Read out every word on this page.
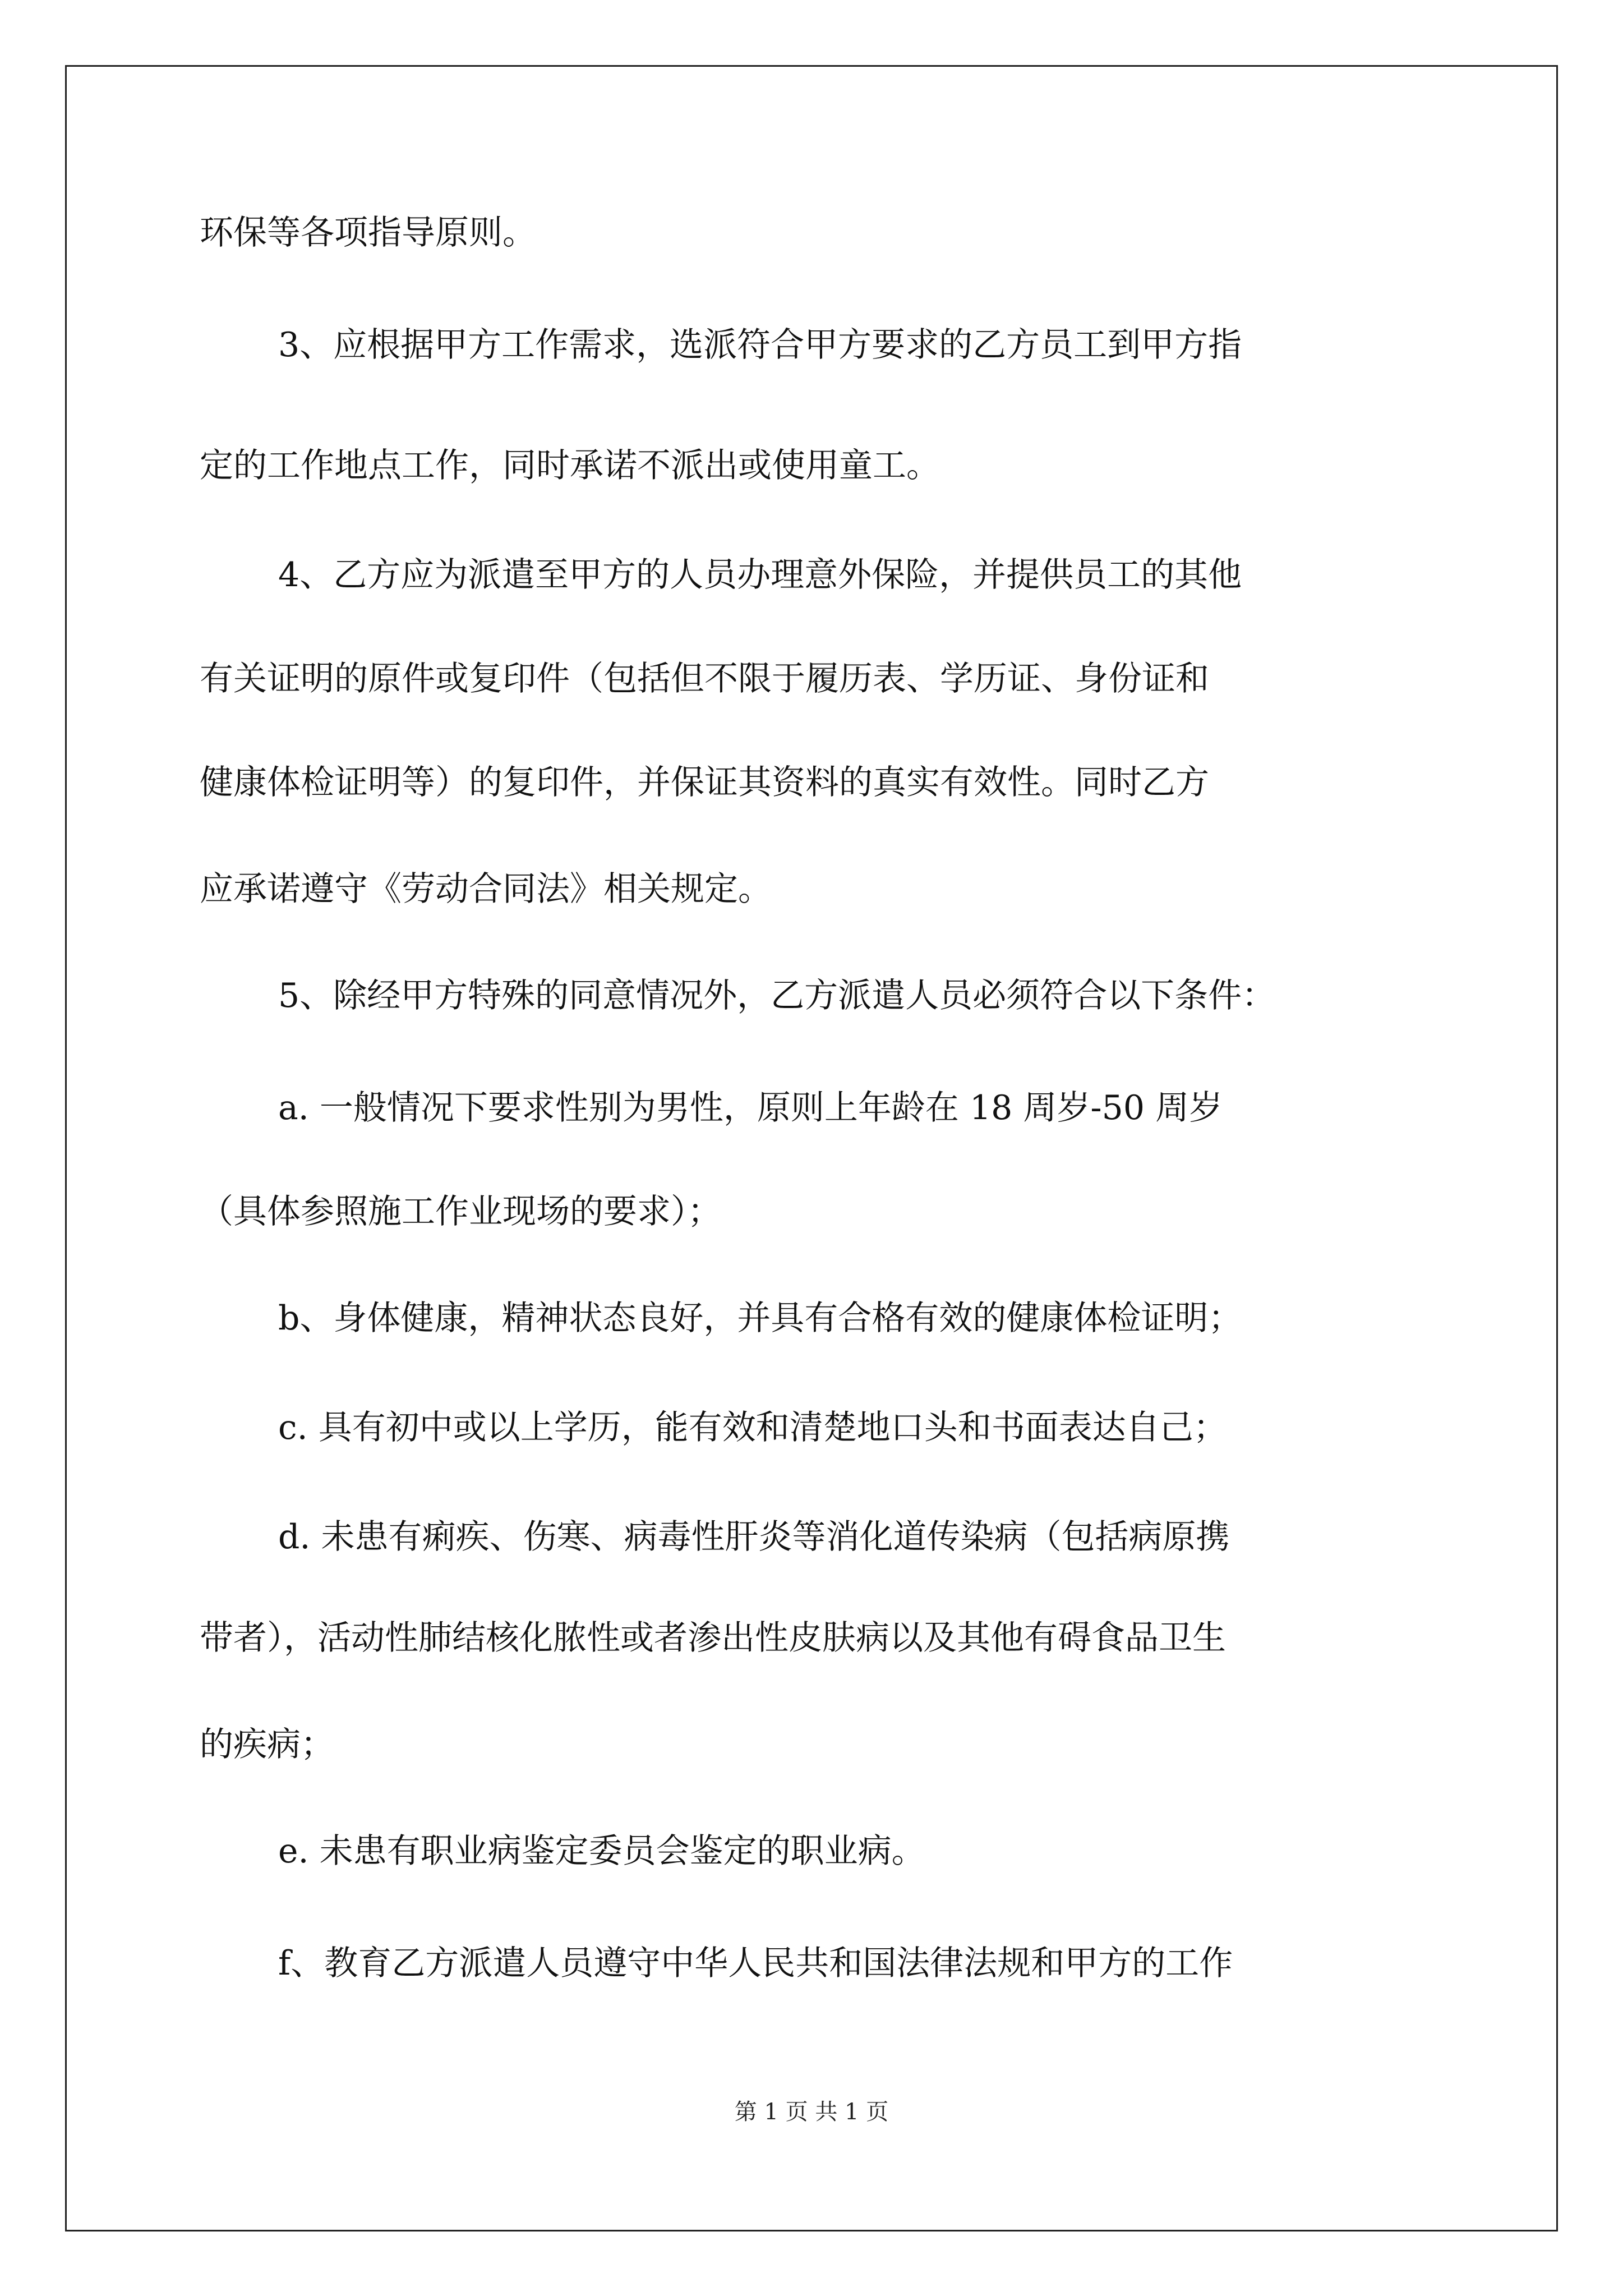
环保等各项指导原则。
3、应根据甲方工作需求，选派符合甲方要求的乙方员工到甲方指
定的工作地点工作，同时承诺不派出或使用童工。
4、乙方应为派遣至甲方的人员办理意外保险，并提供员工的其他
有关证明的原件或复印件（包括但不限于履历表、学历证、身份证和
健康体检证明等）的复印件，并保证其资料的真实有效性。同时乙方
应承诺遵守《劳动合同法》相关规定。
5、除经甲方特殊的同意情况外，乙方派遣人员必须符合以下条件：
a. 一般情况下要求性别为男性，原则上年龄在 18 周岁-50 周岁
（具体参照施工作业现场的要求）；
b、身体健康，精神状态良好，并具有合格有效的健康体检证明；
c. 具有初中或以上学历，能有效和清楚地口头和书面表达自己；
d. 未患有痢疾、伤寒、病毒性肝炎等消化道传染病（包括病原携
带者），活动性肺结核化脓性或者渗出性皮肤病以及其他有碍食品卫生
的疾病；
e. 未患有职业病鉴定委员会鉴定的职业病。
f、教育乙方派遣人员遵守中华人民共和国法律法规和甲方的工作
第 1 页 共 1 页
